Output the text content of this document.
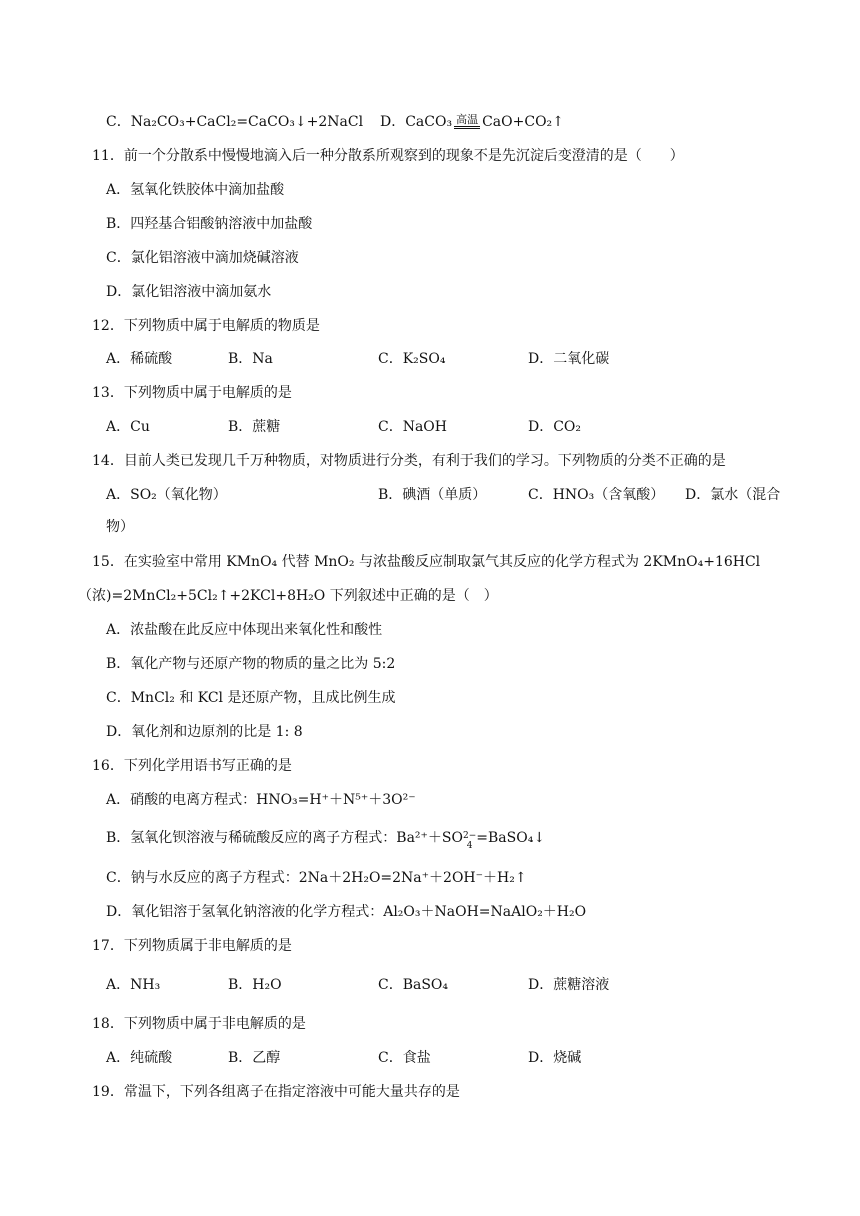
C．Na₂CO₃+CaCl₂=CaCO₃↓+2NaCl D．CaCO₃ 高温 CaO+CO₂↑
11．前一个分散系中慢慢地滴入后一种分散系所观察到的现象不是先沉淀后变澄清的是（　　）
A．氢氧化铁胶体中滴加盐酸
B．四羟基合铝酸钠溶液中加盐酸
C．氯化铝溶液中滴加烧碱溶液
D．氯化铝溶液中滴加氨水
12．下列物质中属于电解质的物质是
A．稀硫酸	B．Na	C．K₂SO₄	D．二氧化碳
13．下列物质中属于电解质的是
A．Cu	B．蔗糖	C．NaOH	D．CO₂
14．目前人类已发现几千万种物质，对物质进行分类，有利于我们的学习。下列物质的分类不正确的是
A．SO₂（氧化物）	B．碘酒（单质）	C．HNO₃（含氧酸） D．氯水（混合
物）
15．在实验室中常用 KMnO₄ 代替 MnO₂ 与浓盐酸反应制取氯气其反应的化学方程式为 2KMnO₄+16HCl
（浓)=2MnCl₂+5Cl₂↑+2KCl+8H₂O 下列叙述中正确的是（　）
A．浓盐酸在此反应中体现出来氧化性和酸性
B．氧化产物与还原产物的物质的量之比为 5:2
C．MnCl₂ 和 KCl 是还原产物，且成比例生成
D．氧化剂和边原剂的比是 1: 8
16．下列化学用语书写正确的是
A．硝酸的电离方程式：HNO₃=H⁺＋N⁵⁺＋3O²⁻
B．氢氧化钡溶液与稀硫酸反应的离子方程式：Ba²⁺＋SO2−
4 =BaSO₄↓
C．钠与水反应的离子方程式：2Na＋2H₂O=2Na⁺＋2OH⁻＋H₂↑
D．氧化铝溶于氢氧化钠溶液的化学方程式：Al₂O₃＋NaOH=NaAlO₂＋H₂O
17．下列物质属于非电解质的是
A．NH₃	B．H₂O	C．BaSO₄	D．蔗糖溶液
18．下列物质中属于非电解质的是
A．纯硫酸	B．乙醇	C．食盐	D．烧碱
19．常温下，下列各组离子在指定溶液中可能大量共存的是
